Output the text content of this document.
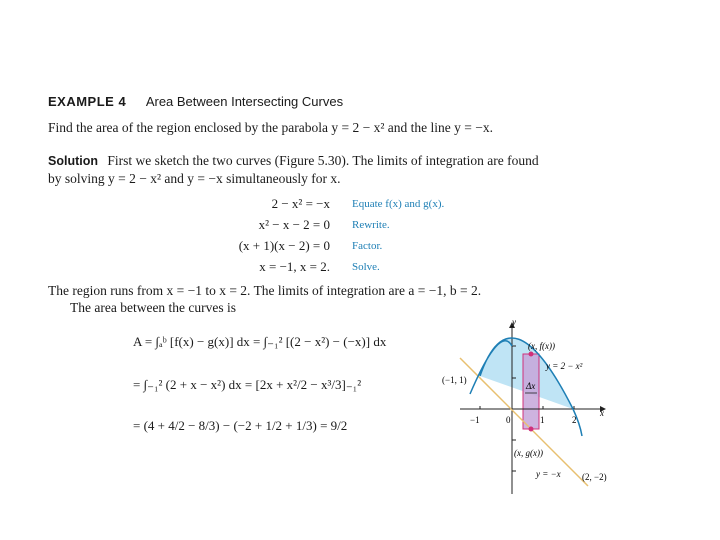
EXAMPLE 4 Area Between Intersecting Curves
Find the area of the region enclosed by the parabola y = 2 − x² and the line y = −x.
Solution First we sketch the two curves (Figure 5.30). The limits of integration are found
by solving y = 2 − x² and y = −x simultaneously for x.
2 − x² = −x Equate f(x) and g(x).
x² − x − 2 = 0 Rewrite.
(x + 1)(x − 2) = 0 Factor.
x = −1, x = 2. Solve.
The region runs from x = −1 to x = 2. The limits of integration are a = −1, b = 2.
The area between the curves is
A = ∫ₐᵇ [f(x) − g(x)] dx = ∫₋₁² [(2 − x²) − (−x)] dx
= ∫₋₁² (2 + x − x²) dx = [2x + x²/2 − x³/3]₋₁²
= (4 + 4/2 − 8/3) − (−2 + 1/2 + 1/3) = 9/2
y
x
0
−1	1	2
(x, f(x))
(x, g(x))
y = 2 − x²
y = −x
(−1, 1)
(2, −2)
Δx
